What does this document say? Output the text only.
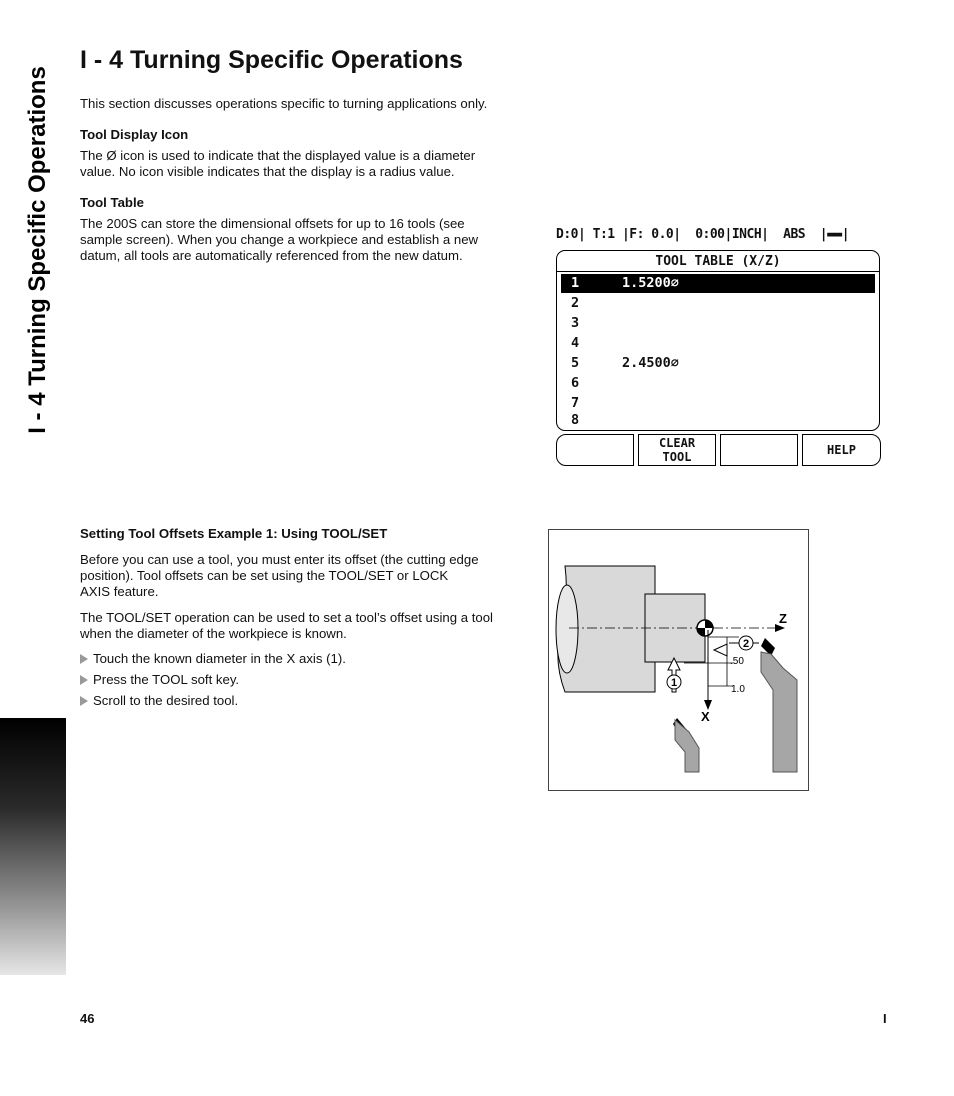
I - 4 Turning Specific Operations
I - 4 Turning Specific Operations

This section discusses operations specific to turning applications only.

Tool Display Icon

The Ø icon is used to indicate that the displayed value is a diameter

value. No icon visible indicates that the display is a radius value.

Tool Table

The 200S can store the dimensional offsets for up to 16 tools (see

sample screen). When you change a workpiece and establish a new

datum, all tools are automatically referenced from the new datum.

D:0| T:1 |F: 0.0|  0:00|INCH|  ABS  |▬▬|
TOOL TABLE (X/Z)
1	1.5200⌀
2
3
4
5	2.4500⌀
6
7
8
CLEAR
TOOL	HELP

Setting Tool Offsets Example 1: Using TOOL/SET

Before you can use a tool, you must enter its offset (the cutting edge

position). Tool offsets can be set using the TOOL/SET or LOCK

AXIS feature.

The TOOL/SET operation can be used to set a tool’s offset using a tool

when the diameter of the workpiece is known.

Touch the known diameter in the X axis (1).
Press the TOOL soft key.
Scroll to the desired tool.
2
1
Z
X
.50
1.0
46	I
